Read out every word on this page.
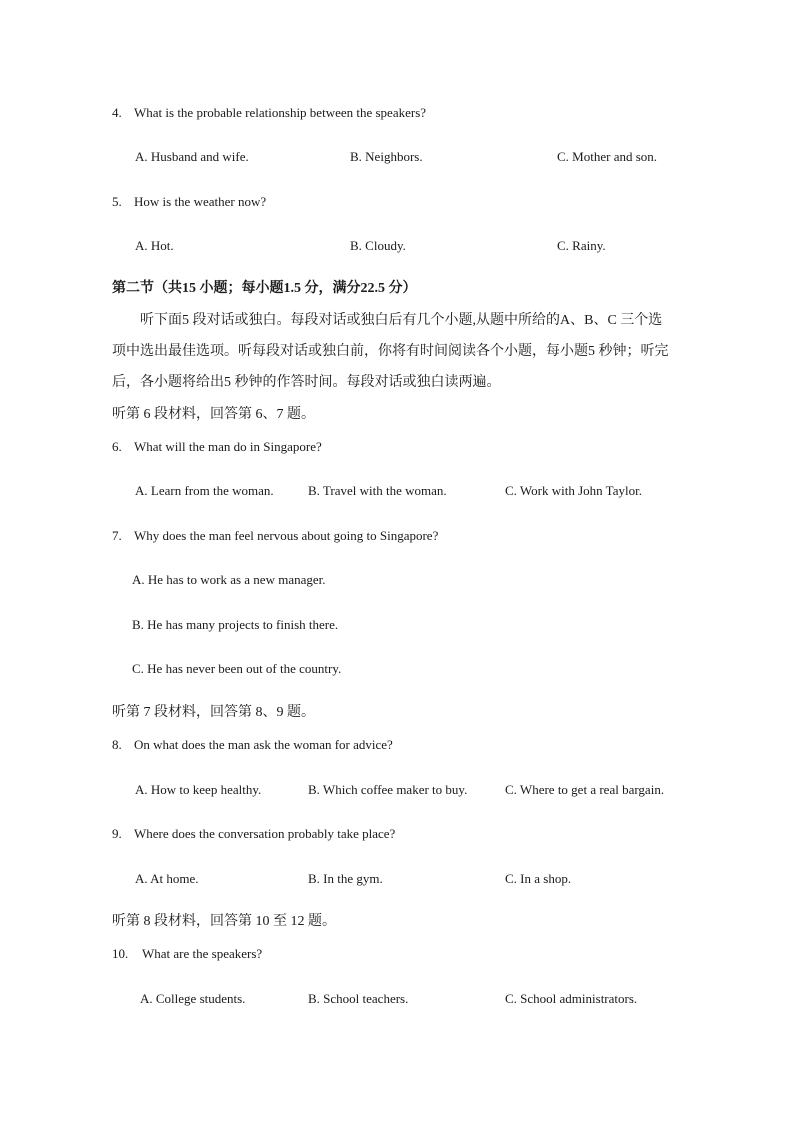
4. What is the probable relationship between the speakers?
A. Husband and wife.	B. Neighbors.	C. Mother and son.
5. How is the weather now?
A. Hot.	B. Cloudy.	C. Rainy.
第二节（共15 小题；每小题1.5 分，满分22.5 分）
听下面5 段对话或独白。每段对话或独白后有几个小题,从题中所给的A、B、C 三个选项中选出最佳选项。听每段对话或独白前，你将有时间阅读各个小题，每小题5 秒钟；听完后，各小题将给出5 秒钟的作答时间。每段对话或独白读两遍。
听第 6 段材料，回答第 6、7 题。
6. What will the man do in Singapore?
A. Learn from the woman.	B. Travel with the woman.	C. Work with John Taylor.
7. Why does the man feel nervous about going to Singapore?
A. He has to work as a new manager.
B. He has many projects to finish there.
C. He has never been out of the country.
听第 7 段材料，回答第 8、9 题。
8. On what does the man ask the woman for advice?
A. How to keep healthy.	B. Which coffee maker to buy.	C. Where to get a real bargain.
9. Where does the conversation probably take place?
A. At home.	B. In the gym.	C. In a shop.
听第 8 段材料，回答第 10 至 12 题。
10. What are the speakers?
A. College students.	B. School teachers.	C. School administrators.
